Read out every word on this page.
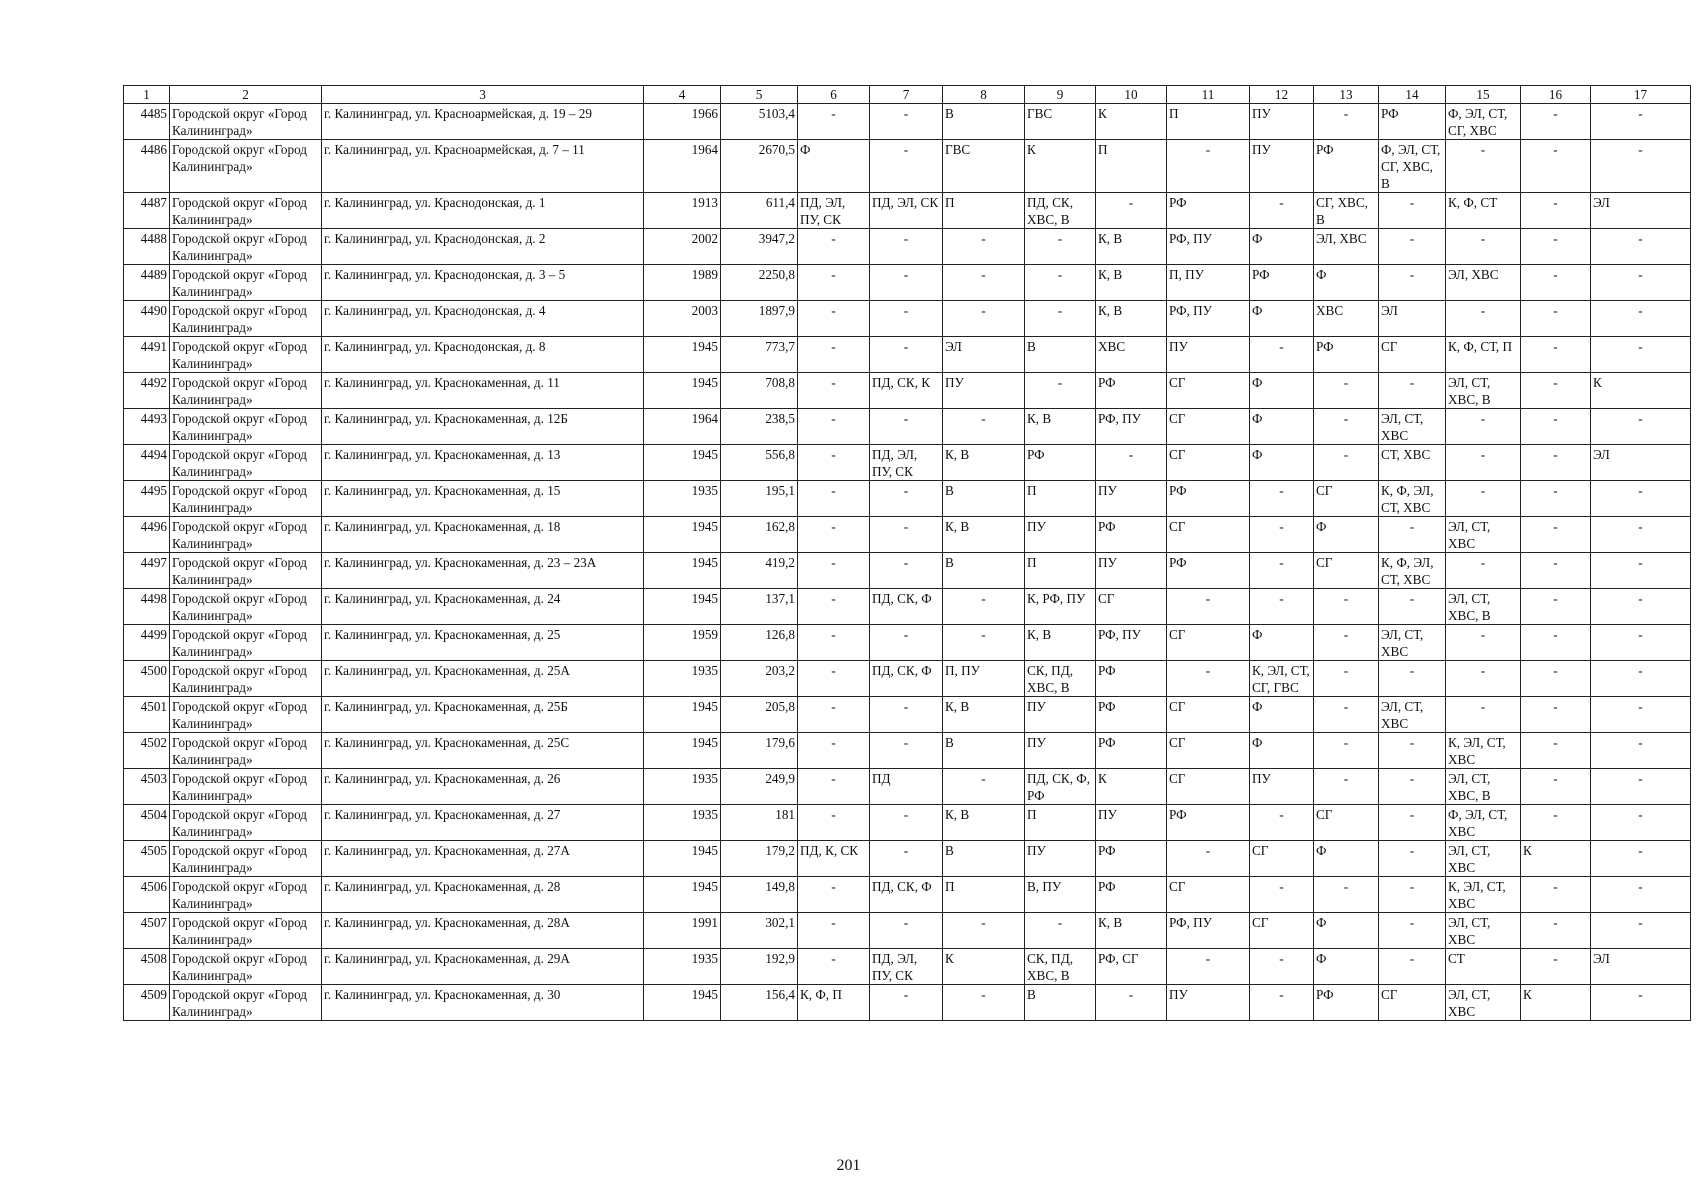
1	2	3	4	5	6	7	8	9	10	11	12	13	14	15	16	17
4485	Городской округ «Город Калининград»	г. Калининград, ул. Красноармейская, д. 19 – 29	1966	5103,4	-	-	В	ГВС	К	П	ПУ	-	РФ	Ф, ЭЛ, СТ, СГ, ХВС	-	-
4486	Городской округ «Город Калининград»	г. Калининград, ул. Красноармейская, д. 7 – 11	1964	2670,5	Ф	-	ГВС	К	П	-	ПУ	РФ	Ф, ЭЛ, СТ, СГ, ХВС, В	-	-	-
4487	Городской округ «Город Калининград»	г. Калининград, ул. Краснодонская, д. 1	1913	611,4	ПД, ЭЛ, ПУ, СК	ПД, ЭЛ, СК	П	ПД, СК, ХВС, В	-	РФ	-	СГ, ХВС, В	-	К, Ф, СТ	-	ЭЛ
4488	Городской округ «Город Калининград»	г. Калининград, ул. Краснодонская, д. 2	2002	3947,2	-	-	-	-	К, В	РФ, ПУ	Ф	ЭЛ, ХВС	-	-	-	-
4489	Городской округ «Город Калининград»	г. Калининград, ул. Краснодонская, д. 3 – 5	1989	2250,8	-	-	-	-	К, В	П, ПУ	РФ	Ф	-	ЭЛ, ХВС	-	-
4490	Городской округ «Город Калининград»	г. Калининград, ул. Краснодонская, д. 4	2003	1897,9	-	-	-	-	К, В	РФ, ПУ	Ф	ХВС	ЭЛ	-	-	-
4491	Городской округ «Город Калининград»	г. Калининград, ул. Краснодонская, д. 8	1945	773,7	-	-	ЭЛ	В	ХВС	ПУ	-	РФ	СГ	К, Ф, СТ, П	-	-
4492	Городской округ «Город Калининград»	г. Калининград, ул. Краснокаменная, д. 11	1945	708,8	-	ПД, СК, К	ПУ	-	РФ	СГ	Ф	-	-	ЭЛ, СТ, ХВС, В	-	К
4493	Городской округ «Город Калининград»	г. Калининград, ул. Краснокаменная, д. 12Б	1964	238,5	-	-	-	К, В	РФ, ПУ	СГ	Ф	-	ЭЛ, СТ, ХВС	-	-	-
4494	Городской округ «Город Калининград»	г. Калининград, ул. Краснокаменная, д. 13	1945	556,8	-	ПД, ЭЛ, ПУ, СК	К, В	РФ	-	СГ	Ф	-	СТ, ХВС	-	-	ЭЛ
4495	Городской округ «Город Калининград»	г. Калининград, ул. Краснокаменная, д. 15	1935	195,1	-	-	В	П	ПУ	РФ	-	СГ	К, Ф, ЭЛ, СТ, ХВС	-	-	-
4496	Городской округ «Город Калининград»	г. Калининград, ул. Краснокаменная, д. 18	1945	162,8	-	-	К, В	ПУ	РФ	СГ	-	Ф	-	ЭЛ, СТ, ХВС	-	-
4497	Городской округ «Город Калининград»	г. Калининград, ул. Краснокаменная, д. 23 – 23А	1945	419,2	-	-	В	П	ПУ	РФ	-	СГ	К, Ф, ЭЛ, СТ, ХВС	-	-	-
4498	Городской округ «Город Калининград»	г. Калининград, ул. Краснокаменная, д. 24	1945	137,1	-	ПД, СК, Ф	-	К, РФ, ПУ	СГ	-	-	-	-	ЭЛ, СТ, ХВС, В	-	-
4499	Городской округ «Город Калининград»	г. Калининград, ул. Краснокаменная, д. 25	1959	126,8	-	-	-	К, В	РФ, ПУ	СГ	Ф	-	ЭЛ, СТ, ХВС	-	-	-
4500	Городской округ «Город Калининград»	г. Калининград, ул. Краснокаменная, д. 25А	1935	203,2	-	ПД, СК, Ф	П, ПУ	СК, ПД, ХВС, В	РФ	-	К, ЭЛ, СТ, СГ, ГВС	-	-	-	-	-
4501	Городской округ «Город Калининград»	г. Калининград, ул. Краснокаменная, д. 25Б	1945	205,8	-	-	К, В	ПУ	РФ	СГ	Ф	-	ЭЛ, СТ, ХВС	-	-	-
4502	Городской округ «Город Калининград»	г. Калининград, ул. Краснокаменная, д. 25С	1945	179,6	-	-	В	ПУ	РФ	СГ	Ф	-	-	К, ЭЛ, СТ, ХВС	-	-
4503	Городской округ «Город Калининград»	г. Калининград, ул. Краснокаменная, д. 26	1935	249,9	-	ПД	-	ПД, СК, Ф, РФ	К	СГ	ПУ	-	-	ЭЛ, СТ, ХВС, В	-	-
4504	Городской округ «Город Калининград»	г. Калининград, ул. Краснокаменная, д. 27	1935	181	-	-	К, В	П	ПУ	РФ	-	СГ	-	Ф, ЭЛ, СТ, ХВС	-	-
4505	Городской округ «Город Калининград»	г. Калининград, ул. Краснокаменная, д. 27А	1945	179,2	ПД, К, СК	-	В	ПУ	РФ	-	СГ	Ф	-	ЭЛ, СТ, ХВС	К	-
4506	Городской округ «Город Калининград»	г. Калининград, ул. Краснокаменная, д. 28	1945	149,8	-	ПД, СК, Ф	П	В, ПУ	РФ	СГ	-	-	-	К, ЭЛ, СТ, ХВС	-	-
4507	Городской округ «Город Калининград»	г. Калининград, ул. Краснокаменная, д. 28А	1991	302,1	-	-	-	-	К, В	РФ, ПУ	СГ	Ф	-	ЭЛ, СТ, ХВС	-	-
4508	Городской округ «Город Калининград»	г. Калининград, ул. Краснокаменная, д. 29А	1935	192,9	-	ПД, ЭЛ, ПУ, СК	К	СК, ПД, ХВС, В	РФ, СГ	-	-	Ф	-	СТ	-	ЭЛ
4509	Городской округ «Город Калининград»	г. Калининград, ул. Краснокаменная, д. 30	1945	156,4	К, Ф, П	-	-	В	-	ПУ	-	РФ	СГ	ЭЛ, СТ, ХВС	К	-
201
